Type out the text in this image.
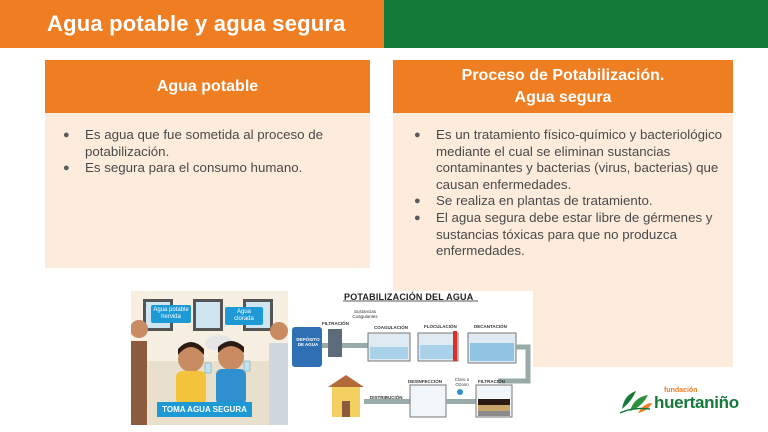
Agua potable y agua segura
Agua potable
● Es agua que fue sometida al proceso de potabilización.
● Es segura para el consumo humano.
Proceso de Potabilización.
Agua segura
● Es un tratamiento físico-químico y bacteriológico mediante el cual se eliminan sustancias contaminantes y bacterias (virus, bacterias) que causan enfermedades.
● Se realiza en plantas de tratamiento.
● El agua segura debe estar libre de gérmenes y sustancias tóxicas para que no produzca enfermedades.
Agua potable hervida
Agua clorada
TOMA AGUA SEGURA
POTABILIZACIÓN DEL AGUA
DEPÓSITO DE AGUA
FILTRACIÓN
Sustancias Coagulantes
COAGULACIÓN	FLOCULACIÓN	DECANTACIÓN
DESINFECCIÓN	Cloro u Ozono
FILTRACIÓN
DISTRIBUCIÓN
fundación
huertaniño
